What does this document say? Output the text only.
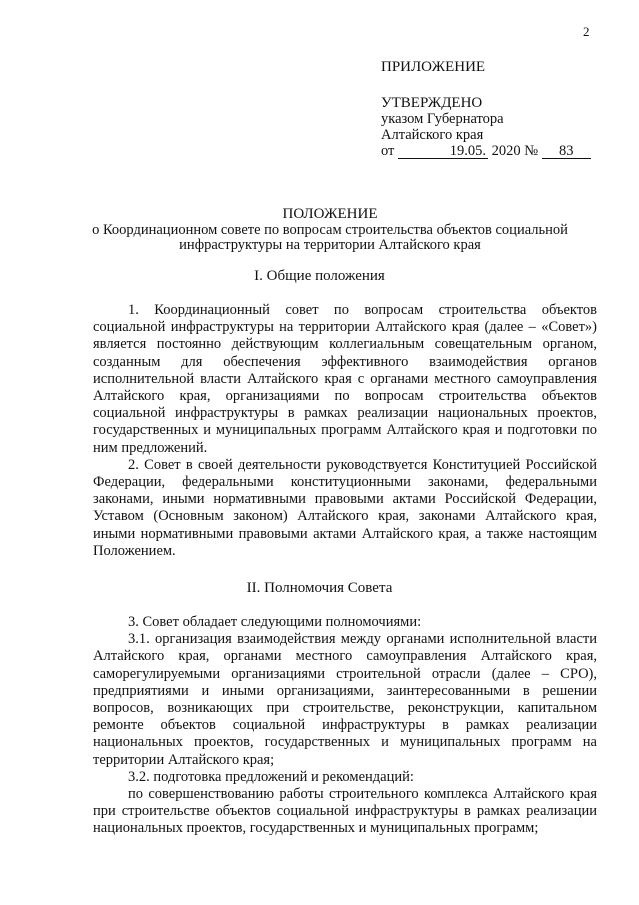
2
ПРИЛОЖЕНИЕ
УТВЕРЖДЕНО
указом Губернатора
Алтайского края
от	19.05. 2020 № 83
ПОЛОЖЕНИЕ
о Координационном совете по вопросам строительства объектов социальной
инфраструктуры на территории Алтайского края
I. Общие положения

1. Координационный совет по вопросам строительства объектов социальной инфраструктуры на территории Алтайского края (далее – «Совет») является постоянно действующим коллегиальным совещательным органом, созданным для обеспечения эффективного взаимодействия органов исполнительной власти Алтайского края с органами местного самоуправления Алтайского края, организациями по вопросам строительства объектов социальной инфраструктуры в рамках реализации национальных проектов, государственных и муниципальных программ Алтайского края и подготовки по ним предложений.

2. Совет в своей деятельности руководствуется Конституцией Российской Федерации, федеральными конституционными законами, федеральными законами, иными нормативными правовыми актами Российской Федерации, Уставом (Основным законом) Алтайского края, законами Алтайского края, иными нормативными правовыми актами Алтайского края, а также настоящим Положением.

II. Полномочия Совета

3. Совет обладает следующими полномочиями:

3.1. организация взаимодействия между органами исполнительной власти Алтайского края, органами местного самоуправления Алтайского края, саморегулируемыми организациями строительной отрасли (далее – СРО), предприятиями и иными организациями, заинтересованными в решении вопросов, возникающих при строительстве, реконструкции, капитальном ремонте объектов социальной инфраструктуры в рамках реализации национальных проектов, государственных и муниципальных программ на территории Алтайского края;

3.2. подготовка предложений и рекомендаций:

по совершенствованию работы строительного комплекса Алтайского края при строительстве объектов социальной инфраструктуры в рамках реализации национальных проектов, государственных и муниципальных программ;
